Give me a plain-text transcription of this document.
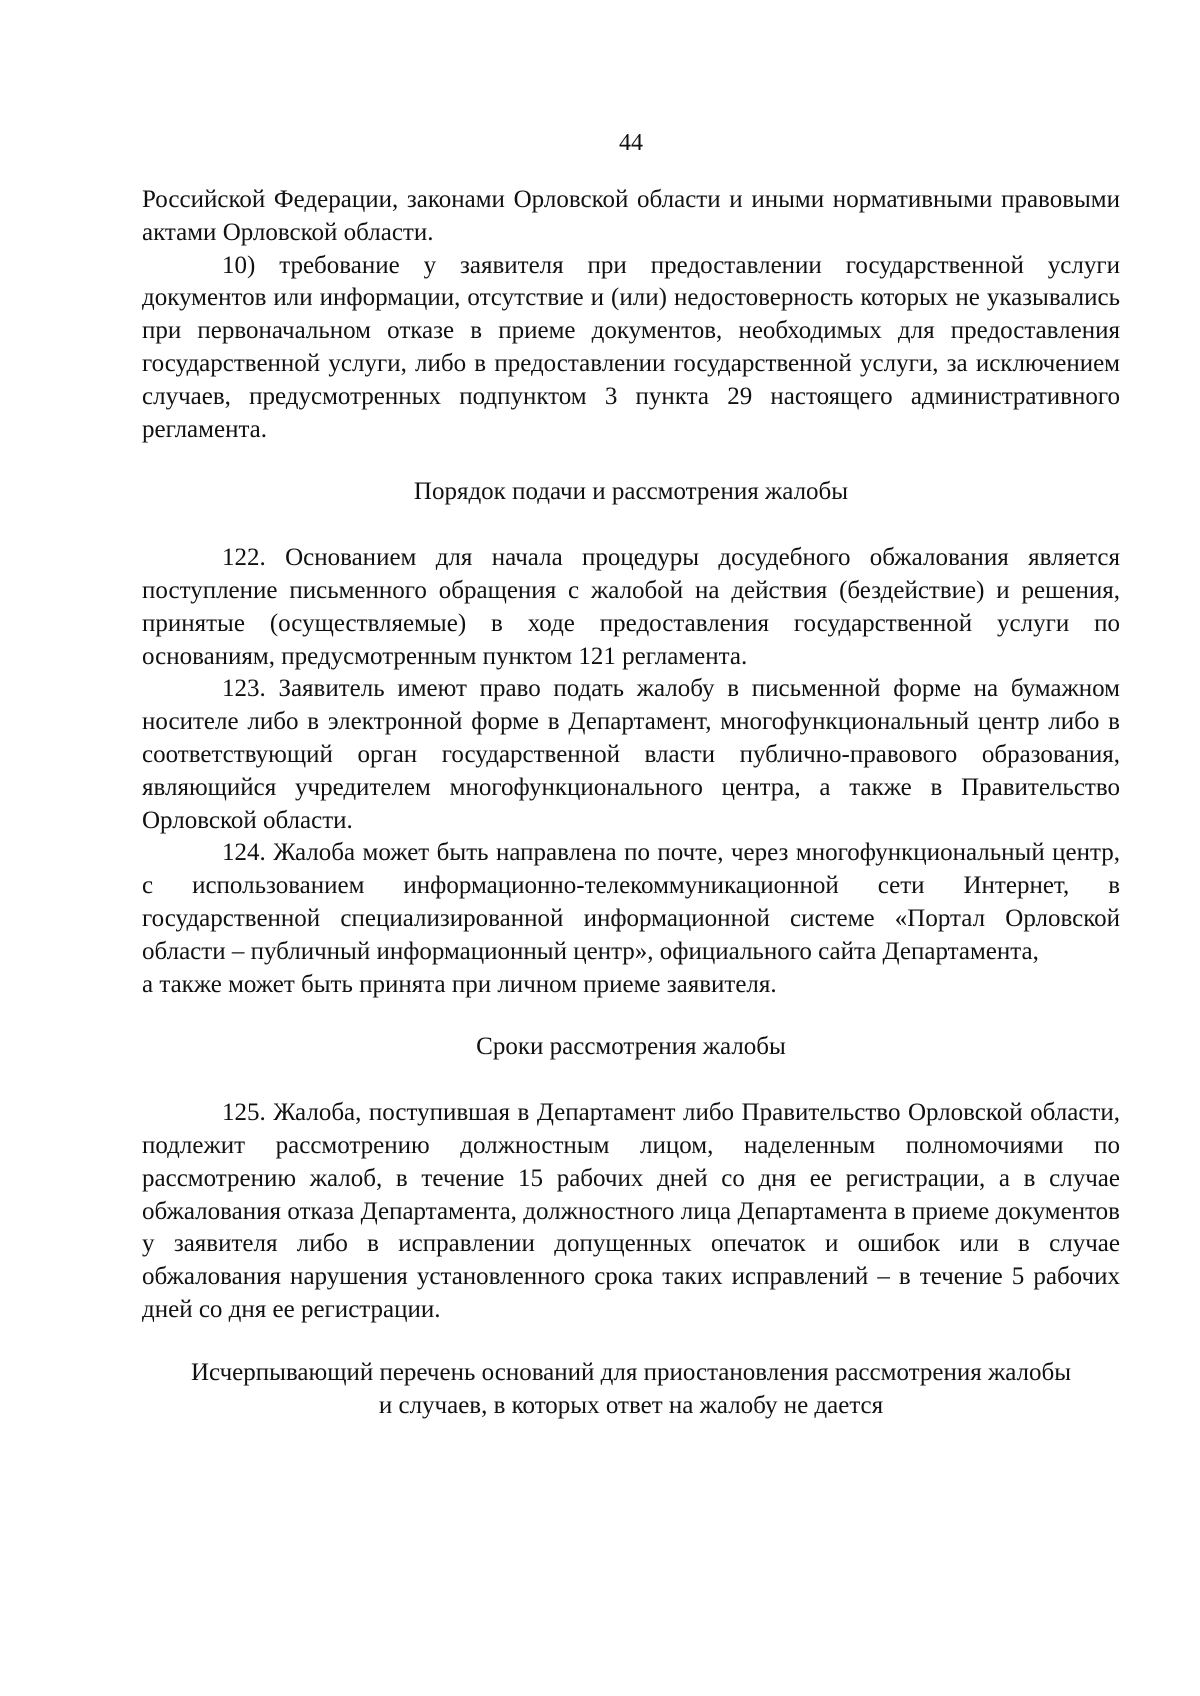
44

Российской Федерации, законами Орловской области и иными нормативными правовыми актами Орловской области.

10) требование у заявителя при предоставлении государственной услуги документов или информации, отсутствие и (или) недостоверность которых не указывались при первоначальном отказе в приеме документов, необходимых для предоставления государственной услуги, либо в предоставлении государственной услуги, за исключением случаев, предусмотренных подпунктом 3 пункта 29 настоящего административного регламента.

Порядок подачи и рассмотрения жалобы

122. Основанием для начала процедуры досудебного обжалования является поступление письменного обращения с жалобой на действия (бездействие) и решения, принятые (осуществляемые) в ходе предоставления государственной услуги по основаниям, предусмотренным пунктом 121 регламента.

123. Заявитель имеют право подать жалобу в письменной форме на бумажном носителе либо в электронной форме в Департамент, многофункциональный центр либо в соответствующий орган государственной власти публично-правового образования, являющийся учредителем многофункционального центра, а также в Правительство Орловской области.

124. Жалоба может быть направлена по почте, через многофункциональный центр, с использованием информационно-телекоммуникационной сети Интернет, в государственной специализированной информационной системе «Портал Орловской области – публичный информационный центр», официального сайта Департамента,

а также может быть принята при личном приеме заявителя.

Сроки рассмотрения жалобы

125. Жалоба, поступившая в Департамент либо Правительство Орловской области, подлежит рассмотрению должностным лицом, наделенным полномочиями по рассмотрению жалоб, в течение 15 рабочих дней со дня ее регистрации, а в случае обжалования отказа Департамента, должностного лица Департамента в приеме документов у заявителя либо в исправлении допущенных опечаток и ошибок или в случае обжалования нарушения установленного срока таких исправлений – в течение 5 рабочих дней со дня ее регистрации.

Исчерпывающий перечень оснований для приостановления рассмотрения жалобы
и случаев, в которых ответ на жалобу не дается
